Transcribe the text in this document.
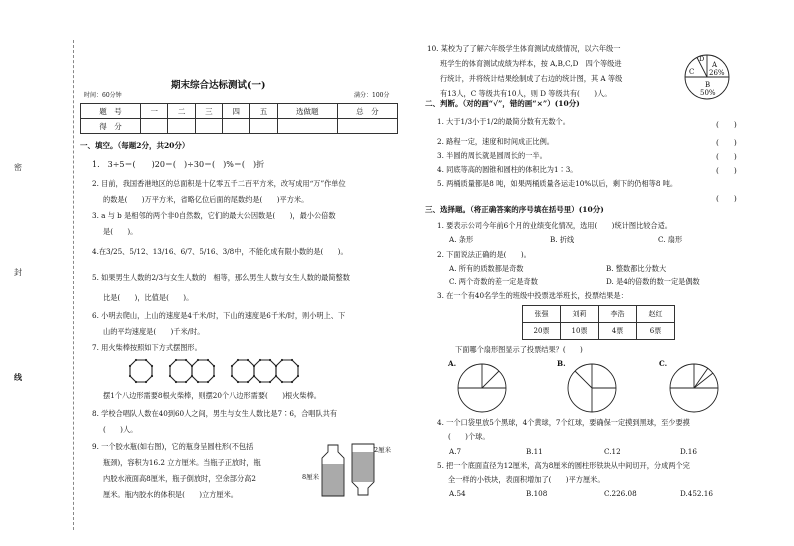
密
封
线
期末综合达标测试(一)
时间：60分钟	满分：100分
题　号	一	二	三	四	五	选做题	总　分
得　分							
一、填空。（每题2分，共20分）
1.　3÷5＝(　　)20＝(　)÷30＝(　)%＝(　)折
2. 目前，我国香港地区的总面积是十亿零五千二百平方米，改写成用“万”作单位
的数是(　　)万平方米，省略亿位后面的尾数约是(　　)平方米。
3. a 与 b 是相邻的两个非0自然数，它们的最大公因数是(　　)，最小公倍数
是(　　)。
4.在3/25、5/12、13/16、6/7、5/16、3/8中，不能化成有限小数的是(　　)。
5. 如果男生人数的2/3与女生人数的　相等，那么男生人数与女生人数的最简整数
比是(　　)，比值是(　　)。
6. 小明去爬山，上山的速度是4千米/时，下山的速度是6千米/时，则小明上、下
山的平均速度是(　　)千米/时。
7. 用火柴棒按照如下方式摆图形。
摆1个八边形需要8根火柴棒，则摆20个八边形需要(　　)根火柴棒。
8. 学校合唱队人数在40到60人之间，男生与女生人数比是7∶6，合唱队共有
(　　)人。
9. 一个胶水瓶(如右图)，它的瓶身呈圆柱形(不包括
瓶颈)，容积为16.2 立方厘米。当瓶子正放时，瓶
内胶水液面高8厘米，瓶子倒放时，空余部分高2
厘米。瓶内胶水的体积是(　　)立方厘米。
2厘米
8厘米
10. 某校为了了解六年级学生体育测试成绩情况，以六年级一
班学生的体育测试成绩为样本，按 A,B,C,D　四个等级进
行统计，并将统计结果绘制成了右边的统计图，其 A 等级
有13人，C 等级共有10人，则 D 等级共有(　　)人。
D
C
A
26%
B
50%
二、判断。（对的画“√”，错的画“×”）(10分)
1. 大于1/3小于1/2的最简分数有无数个。	(　　)
2. 路程一定，速度和时间成正比例。	(　　)
3. 半圆的周长就是圆周长的一半。	(　　)
4. 同底等高的圆锥和圆柱的体积比为1∶3。	(　　)
5. 两桶质量都是8 吨，如果两桶质量各运走10%以后，剩下的仍相等8 吨。
(　　)
三、选择题。（将正确答案的序号填在括号里）(10分)
1. 要表示公司今年前6个月的业绩变化情况，选用(　　)统计图比较合适。
A. 条形	B. 折线	C. 扇形
2. 下面说法正确的是(　　)。
A. 所有的质数都是奇数	B. 整数都比分数大
C. 两个奇数的差一定是奇数	D. 是4的倍数的数一定是偶数
3. 在一个有40名学生的班级中投票选举班长，投票结果是：
张强	刘莉	李浩	赵红
20票	10票	4票	6票
下面哪个扇形图显示了投票结果？(　　)
A.	B.	C.
4. 一个口袋里放5个黑球，4个黄球，7个红球，要确保一定摸到黑球，至少要摸
(　　)个球。
A.7	B.11	C.12	D.16
5. 把一个底面直径为12厘米，高为8厘米的圆柱形铁块从中间切开，分成两个完
全一样的小铁块，表面积增加了(　　)平方厘米。
A.54	B.108	C.226.08	D.452.16
